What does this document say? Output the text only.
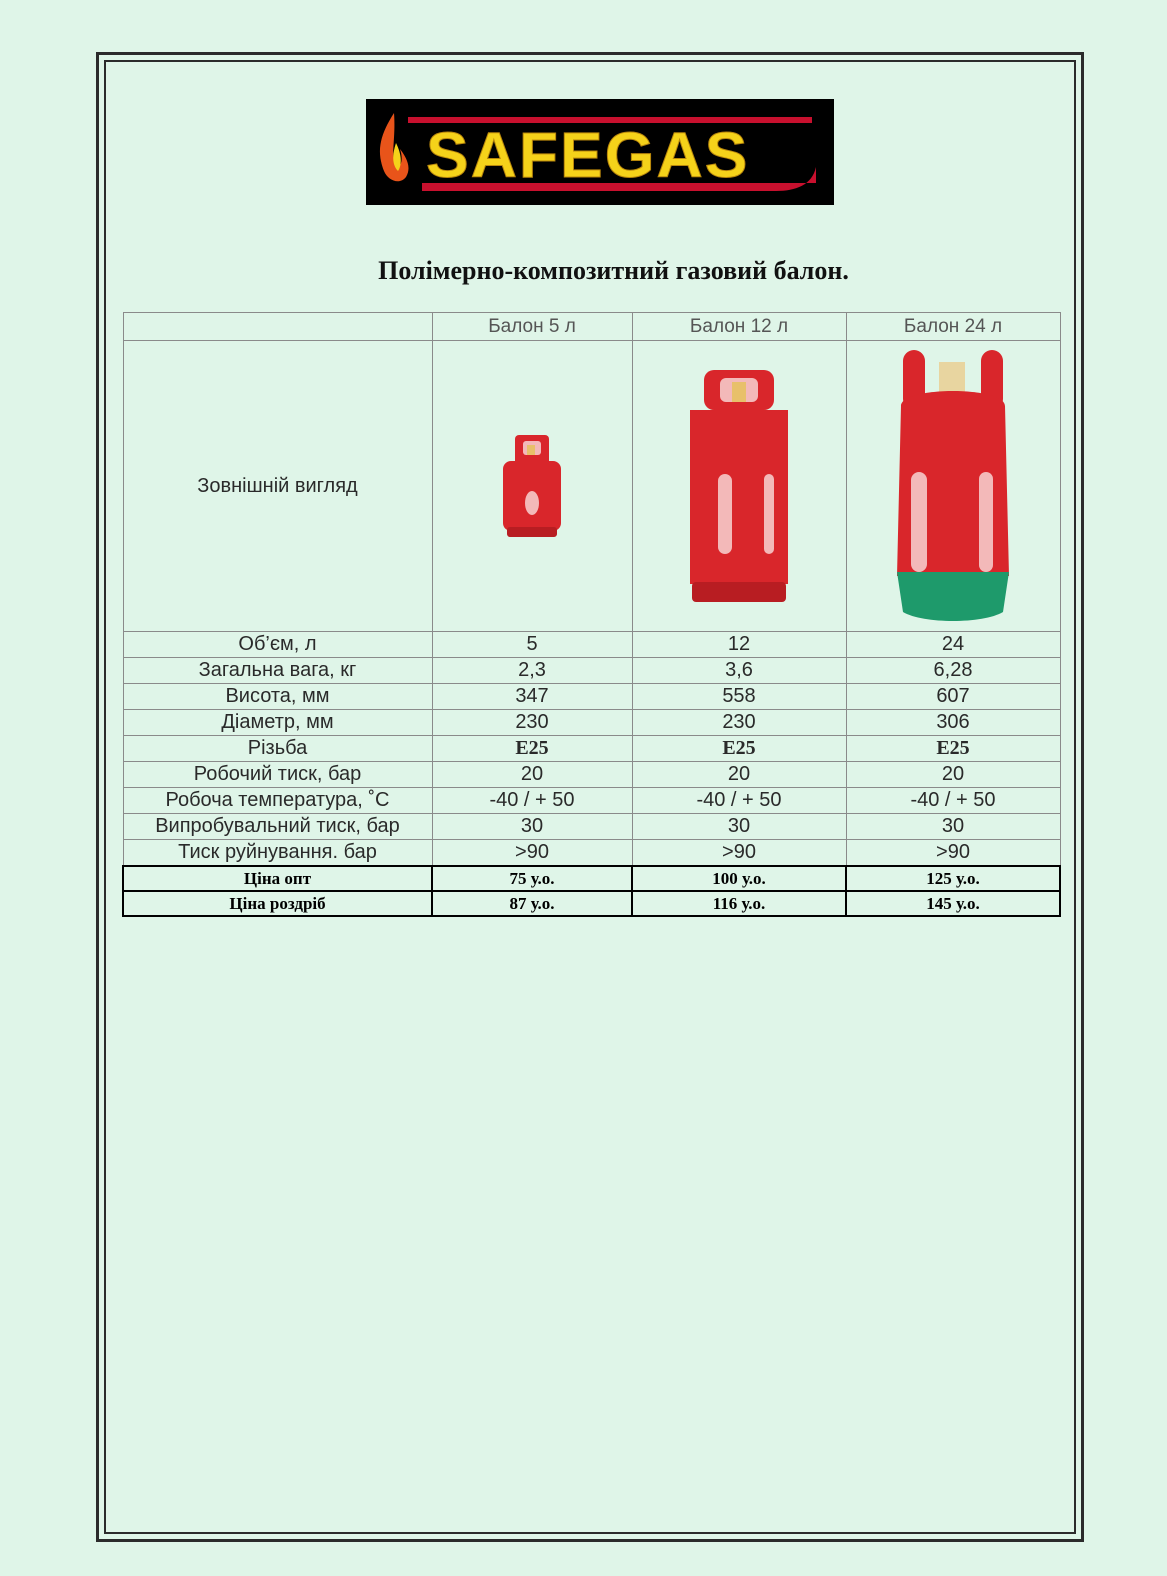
SAFEGAS
Полімерно-композитний газовий балон.
	Балон 5 л	Балон 12 л	Балон 24 л
Зовнішній вигляд	

Об’єм, л	5	12	24
Загальна вага, кг	2,3	3,6	6,28
Висота, мм	347	558	607
Діаметр, мм	230	230	306
Різьба	E25	E25	E25
Робочий тиск, бар	20	20	20
Робоча температура, ˚С	-40 / + 50	-40 / + 50	-40 / + 50
Випробувальний тиск, бар	30	30	30
Тиск руйнування. бар	>90	>90	>90
Ціна опт	75 у.о.	100 у.о.	125 у.о.
Ціна роздріб	87 у.о.	116 у.о.	145 у.о.
